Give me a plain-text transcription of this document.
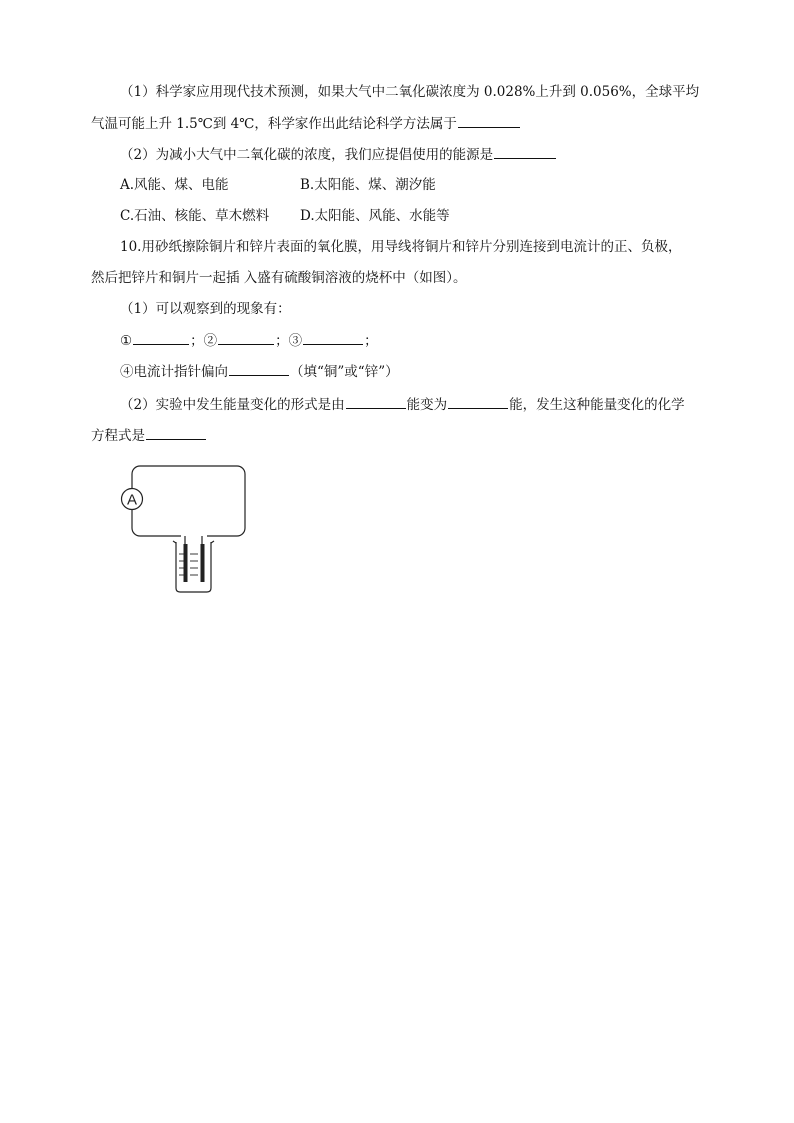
（1）科学家应用现代技术预测，如果大气中二氧化碳浓度为 0.028%上升到 0.056%，全球平均
气温可能上升 1.5℃到 4℃，科学家作出此结论科学方法属于
（2）为减小大气中二氧化碳的浓度，我们应提倡使用的能源是
A.风能、煤、电能	B.太阳能、煤、潮汐能
C.石油、核能、草木燃料 D.太阳能、风能、水能等
10.用砂纸擦除铜片和锌片表面的氧化膜，用导线将铜片和锌片分别连接到电流计的正、负极，
然后把锌片和铜片一起插 入盛有硫酸铜溶液的烧杯中（如图）。
（1）可以观察到的现象有：
①	；②	；③	；
④电流计指针偏向	（填“铜”或“锌”）
（2）实验中发生能量变化的形式是由	能变为	能，发生这种能量变化的化学
方程式是
A
